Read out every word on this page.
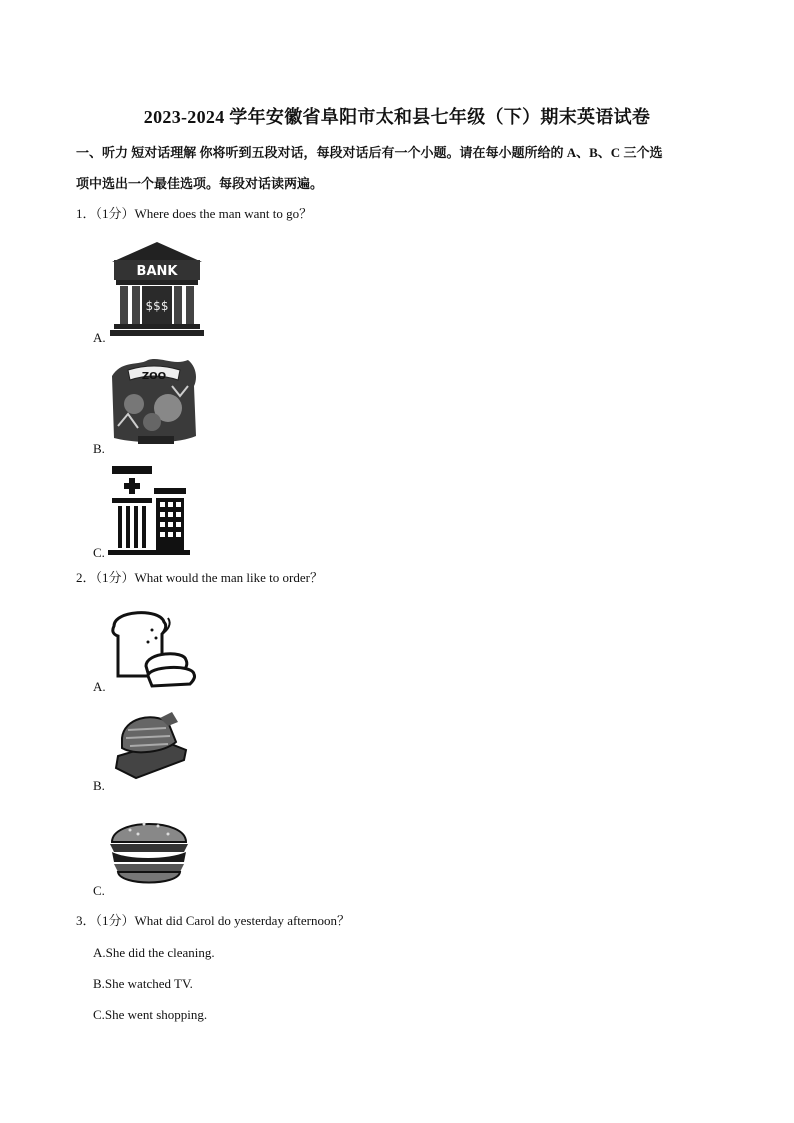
2023-2024 学年安徽省阜阳市太和县七年级（下）期末英语试卷
一、听力 短对话理解 你将听到五段对话，每段对话后有一个小题。请在每小题所给的 A、B、C 三个选
项中选出一个最佳选项。每段对话读两遍。
1．（1分）Where does the man want to go？
BANK
$$$
A.
ZOO
B.
C.
2．（1分）What would the man like to order？
A.
B.
C.
3．（1分）What did Carol do yesterday afternoon？
A.She did the cleaning.
B.She watched TV.
C.She went shopping.
